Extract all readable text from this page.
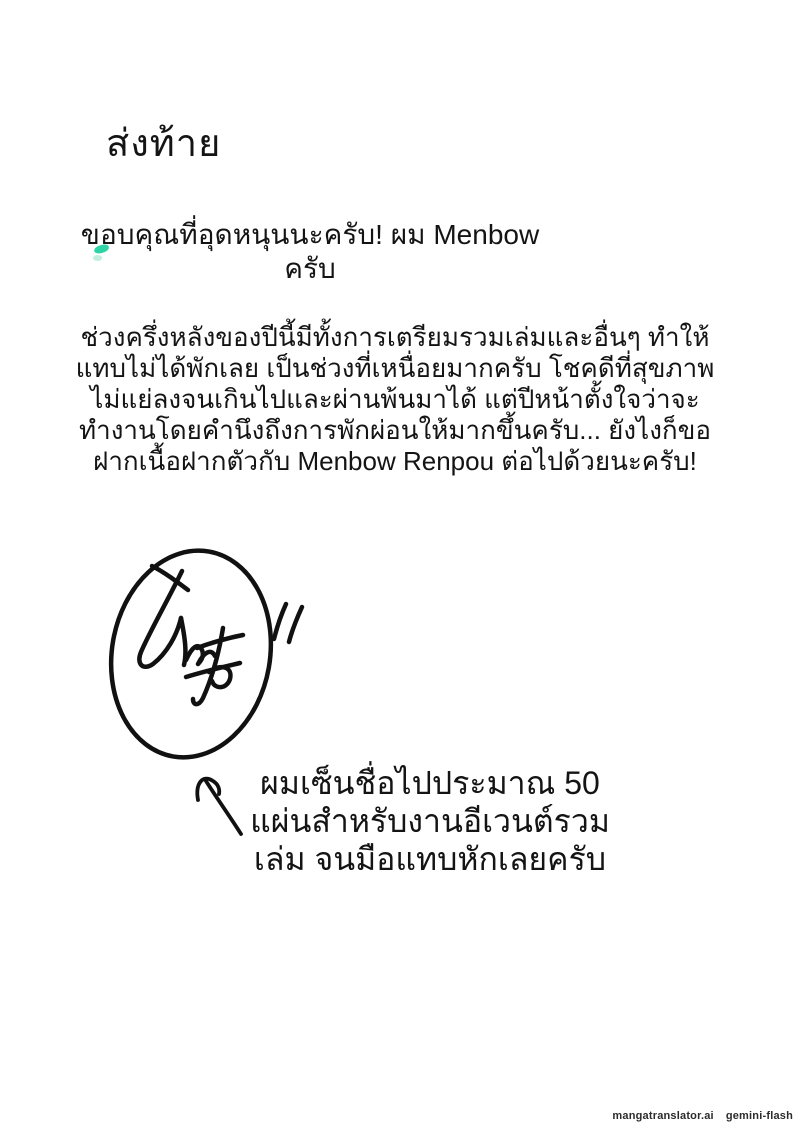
ส่งท้าย
ขอบคุณที่อุดหนุนนะครับ! ผม Menbow
ครับ
ช่วงครึ่งหลังของปีนี้มีทั้งการเตรียมรวมเล่มและอื่นๆ ทำให้
แทบไม่ได้พักเลย เป็นช่วงที่เหนื่อยมากครับ โชคดีที่สุขภาพ
ไม่แย่ลงจนเกินไปและผ่านพ้นมาได้ แต่ปีหน้าตั้งใจว่าจะ
ทำงานโดยคำนึงถึงการพักผ่อนให้มากขึ้นครับ... ยังไงก็ขอ
ฝากเนื้อฝากตัวกับ Menbow Renpou ต่อไปด้วยนะครับ!
ผมเซ็นชื่อไปประมาณ 50
แผ่นสำหรับงานอีเวนต์รวม
เล่ม จนมือแทบหักเลยครับ
mangatranslator.ai gemini-flash
